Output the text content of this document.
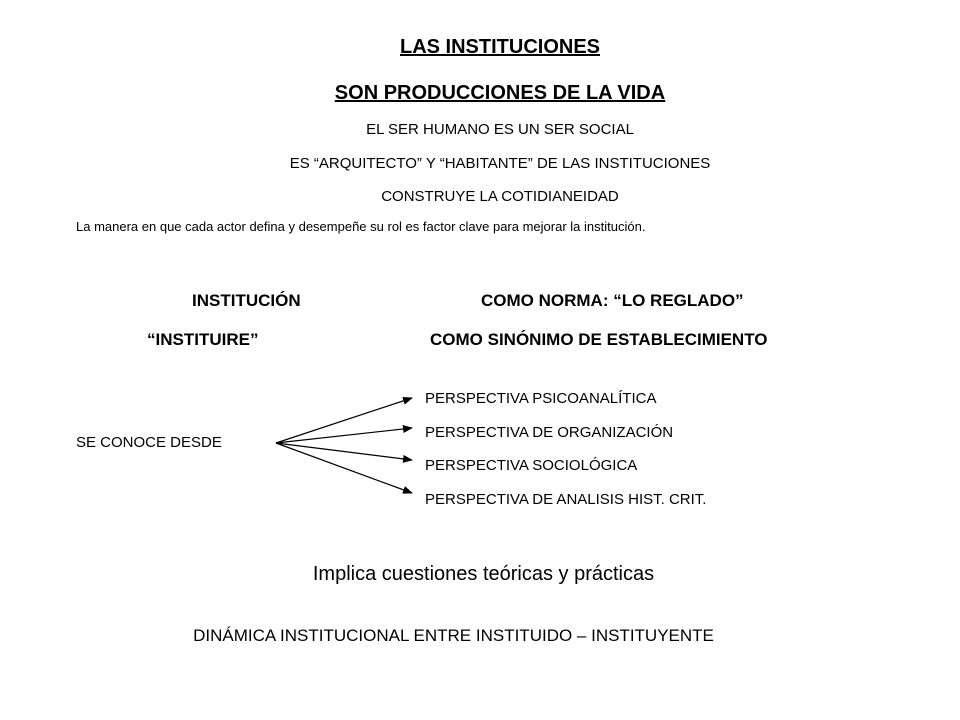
LAS INSTITUCIONES
SON PRODUCCIONES DE LA VIDA
EL SER HUMANO ES UN SER SOCIAL
ES “ARQUITECTO” Y “HABITANTE” DE LAS INSTITUCIONES
CONSTRUYE LA COTIDIANEIDAD
La manera en que cada actor defina y desempeñe su rol es factor clave para mejorar la institución.
INSTITUCIÓN
“INSTITUIRE”
COMO NORMA: “LO REGLADO”
COMO SINÓNIMO DE ESTABLECIMIENTO
SE CONOCE DESDE
PERSPECTIVA PSICOANALÍTICA
PERSPECTIVA DE ORGANIZACIÓN
PERSPECTIVA SOCIOLÓGICA
PERSPECTIVA DE ANALISIS HIST. CRIT.
Implica cuestiones teóricas y prácticas
DINÁMICA INSTITUCIONAL ENTRE INSTITUIDO – INSTITUYENTE
